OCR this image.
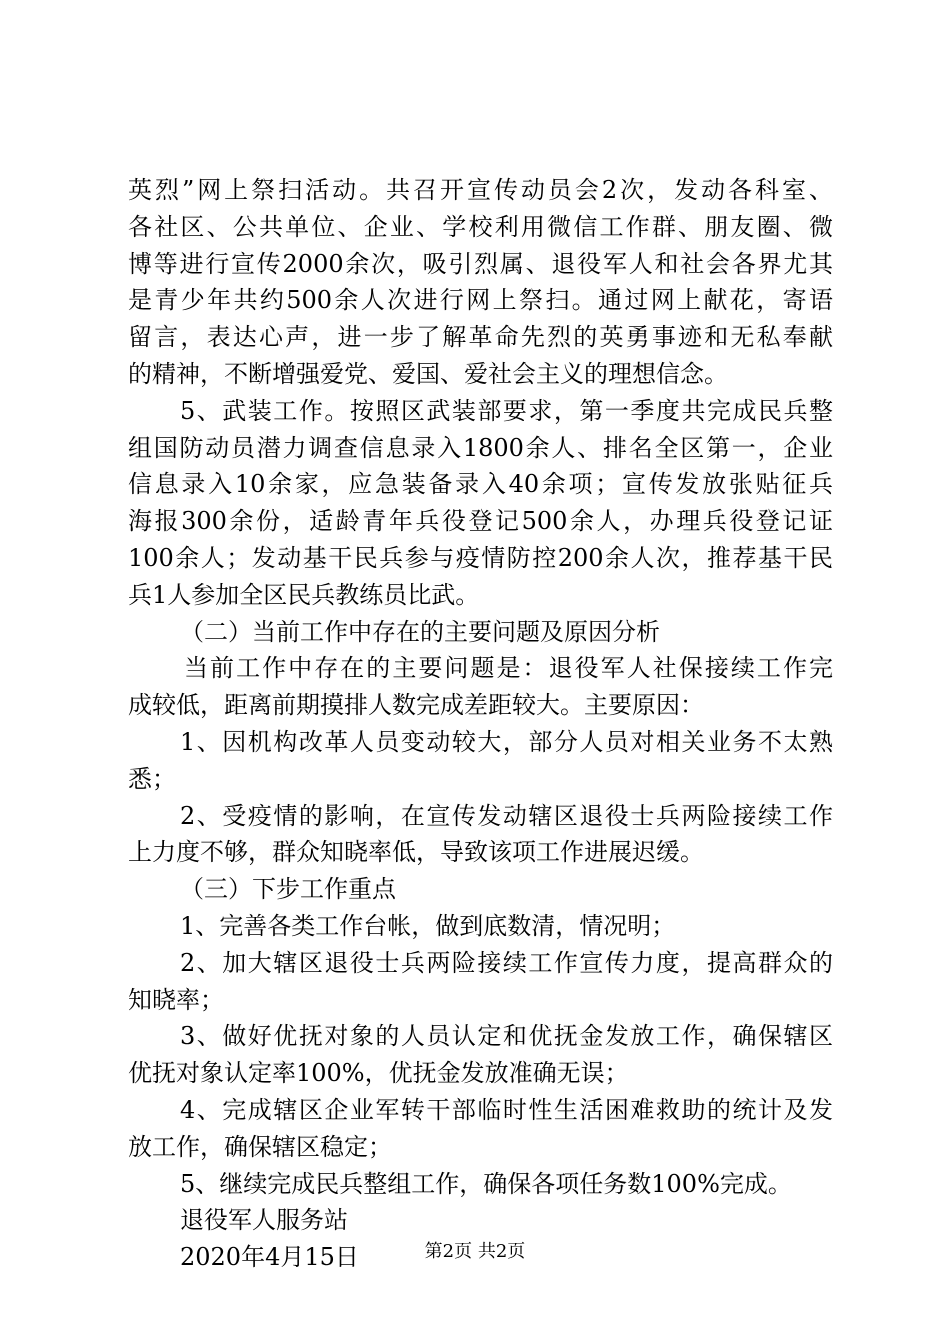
英烈”网上祭扫活动。共召开宣传动员会2次，发动各科室、
各社区、公共单位、企业、学校利用微信工作群、朋友圈、微
博等进行宣传2000余次，吸引烈属、退役军人和社会各界尤其
是青少年共约500余人次进行网上祭扫。通过网上献花，寄语
留言，表达心声，进一步了解革命先烈的英勇事迹和无私奉献
的精神，不断增强爱党、爱国、爱社会主义的理想信念。
5、武装工作。按照区武装部要求，第一季度共完成民兵整
组国防动员潜力调查信息录入1800余人、排名全区第一，企业
信息录入10余家，应急装备录入40余项；宣传发放张贴征兵
海报300余份，适龄青年兵役登记500余人，办理兵役登记证
100余人；发动基干民兵参与疫情防控200余人次，推荐基干民
兵1人参加全区民兵教练员比武。
（二）当前工作中存在的主要问题及原因分析
当前工作中存在的主要问题是：退役军人社保接续工作完
成较低，距离前期摸排人数完成差距较大。主要原因：
1、因机构改革人员变动较大，部分人员对相关业务不太熟
悉；
2、受疫情的影响，在宣传发动辖区退役士兵两险接续工作
上力度不够，群众知晓率低，导致该项工作进展迟缓。
（三）下步工作重点
1、完善各类工作台帐，做到底数清，情况明；
2、加大辖区退役士兵两险接续工作宣传力度，提高群众的
知晓率；
3、做好优抚对象的人员认定和优抚金发放工作，确保辖区
优抚对象认定率100%，优抚金发放准确无误；
4、完成辖区企业军转干部临时性生活困难救助的统计及发
放工作，确保辖区稳定；
5、继续完成民兵整组工作，确保各项任务数100%完成。
退役军人服务站
2020年4月15日	第2页 共2页
